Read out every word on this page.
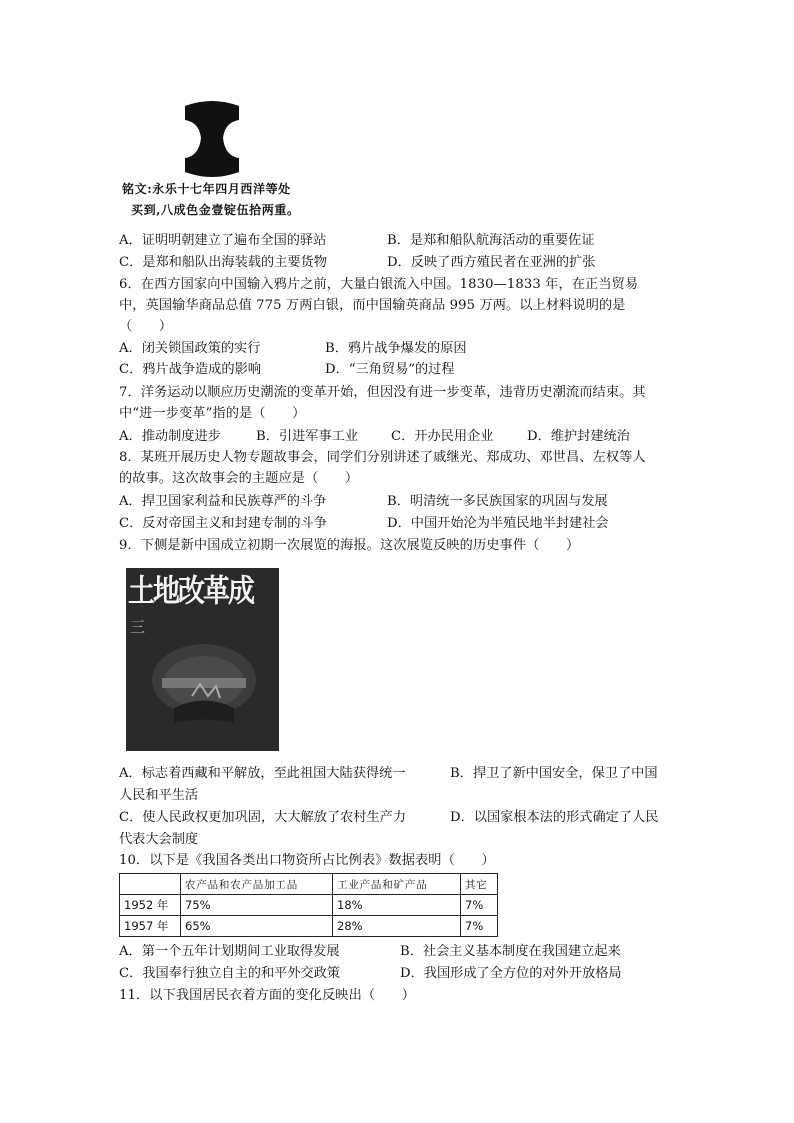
铭文:永乐十七年四月西洋等处
买到,八成色金壹锭伍拾两重。
A．证明明朝建立了遍布全国的驿站	B．是郑和船队航海活动的重要佐证
C．是郑和船队出海装载的主要货物	D．反映了西方殖民者在亚洲的扩张
6．在西方国家向中国输入鸦片之前，大量白银流入中国。1830—1833 年，在正当贸易
中，英国输华商品总值 775 万两白银，而中国输英商品 995 万两。以上材料说明的是
（　　）
A．闭关锁国政策的实行	B．鸦片战争爆发的原因
C．鸦片战争造成的影响	D．“三角贸易”的过程
7．洋务运动以顺应历史潮流的变革开始，但因没有进一步变革，违背历史潮流而结束。其
中“进一步变革”指的是（　　）
A．推动制度进步	B．引进军事工业 C．开办民用企业	D．维护封建统治
8．某班开展历史人物专题故事会，同学们分别讲述了戚继光、郑成功、邓世昌、左权等人
的故事。这次故事会的主题应是（　　）
A．捍卫国家利益和民族尊严的斗争	B．明清统一多民族国家的巩固与发展
C．反对帝国主义和封建专制的斗争	D．中国开始沦为半殖民地半封建社会
9．下侧是新中国成立初期一次展览的海报。这次展览反映的历史事件（　　）
土地改革成
三
A．标志着西藏和平解放，至此祖国大陆获得统一	B．捍卫了新中国安全，保卫了中国
人民和平生活
C．使人民政权更加巩固，大大解放了农村生产力	D．以国家根本法的形式确定了人民
代表大会制度
10．以下是《我国各类出口物资所占比例表》数据表明（　　）
	农产品和农产品加工品	工业产品和矿产品	其它
1952 年	75%	18%	7%
1957 年	65%	28%	7%
A．第一个五年计划期间工业取得发展	B．社会主义基本制度在我国建立起来
C．我国奉行独立自主的和平外交政策	D．我国形成了全方位的对外开放格局
11．以下我国居民衣着方面的变化反映出（　　）
